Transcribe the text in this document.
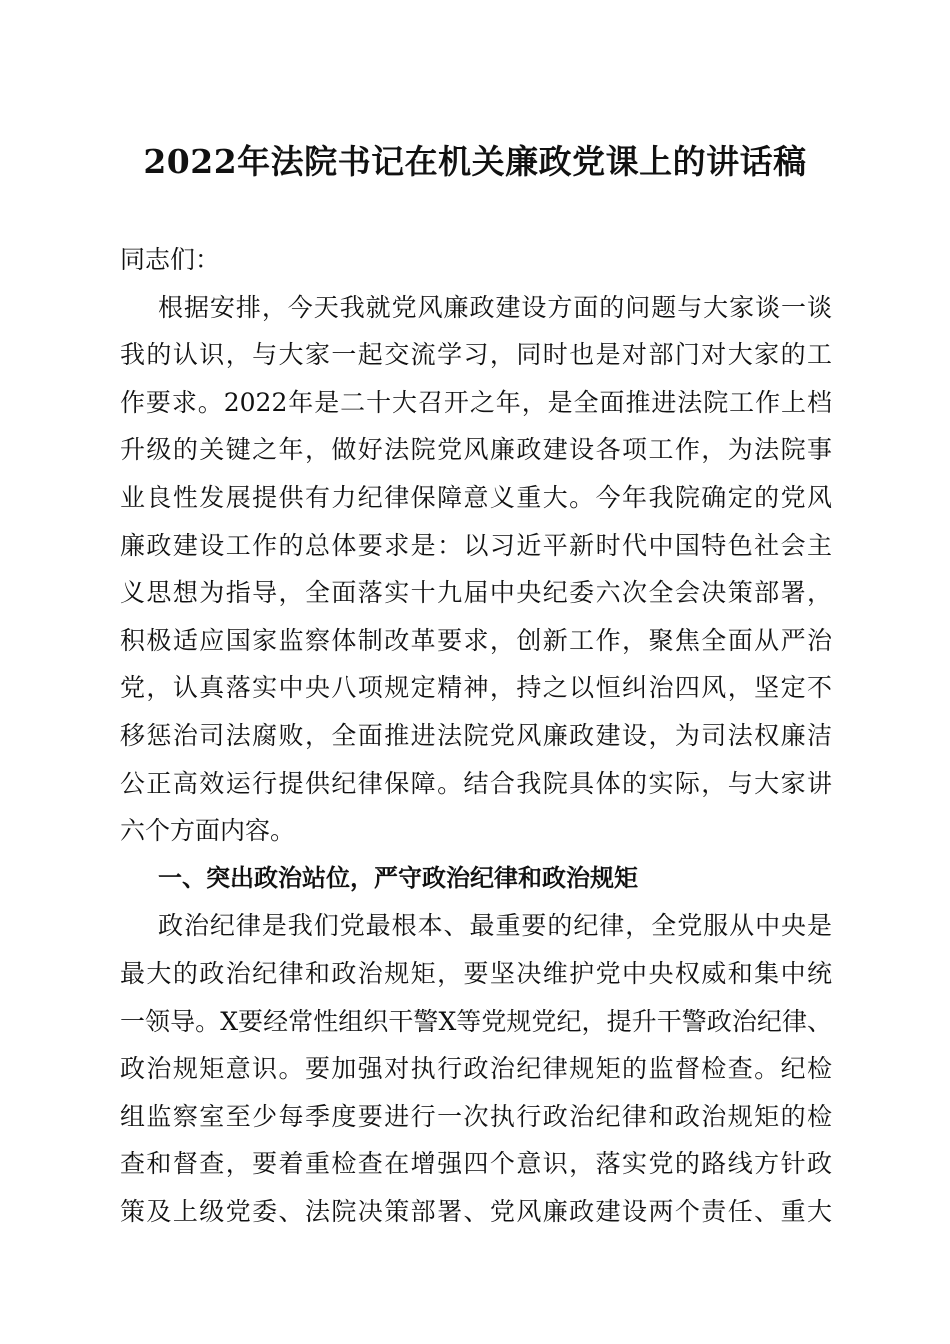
2022年法院书记在机关廉政党课上的讲话稿
同志们：
根据安排，今天我就党风廉政建设方面的问题与大家谈一谈
我的认识，与大家一起交流学习，同时也是对部门对大家的工
作要求。2022年是二十大召开之年，是全面推进法院工作上档
升级的关键之年，做好法院党风廉政建设各项工作，为法院事
业良性发展提供有力纪律保障意义重大。今年我院确定的党风
廉政建设工作的总体要求是：以习近平新时代中国特色社会主
义思想为指导，全面落实十九届中央纪委六次全会决策部署，
积极适应国家监察体制改革要求，创新工作，聚焦全面从严治
党，认真落实中央八项规定精神，持之以恒纠治四风，坚定不
移惩治司法腐败，全面推进法院党风廉政建设，为司法权廉洁
公正高效运行提供纪律保障。结合我院具体的实际，与大家讲
六个方面内容。
一、突出政治站位，严守政治纪律和政治规矩
政治纪律是我们党最根本、最重要的纪律，全党服从中央是
最大的政治纪律和政治规矩，要坚决维护党中央权威和集中统
一领导。X要经常性组织干警X等党规党纪，提升干警政治纪律、
政治规矩意识。要加强对执行政治纪律规矩的监督检查。纪检
组监察室至少每季度要进行一次执行政治纪律和政治规矩的检
查和督查，要着重检查在增强四个意识，落实党的路线方针政
策及上级党委、法院决策部署、党风廉政建设两个责任、重大
